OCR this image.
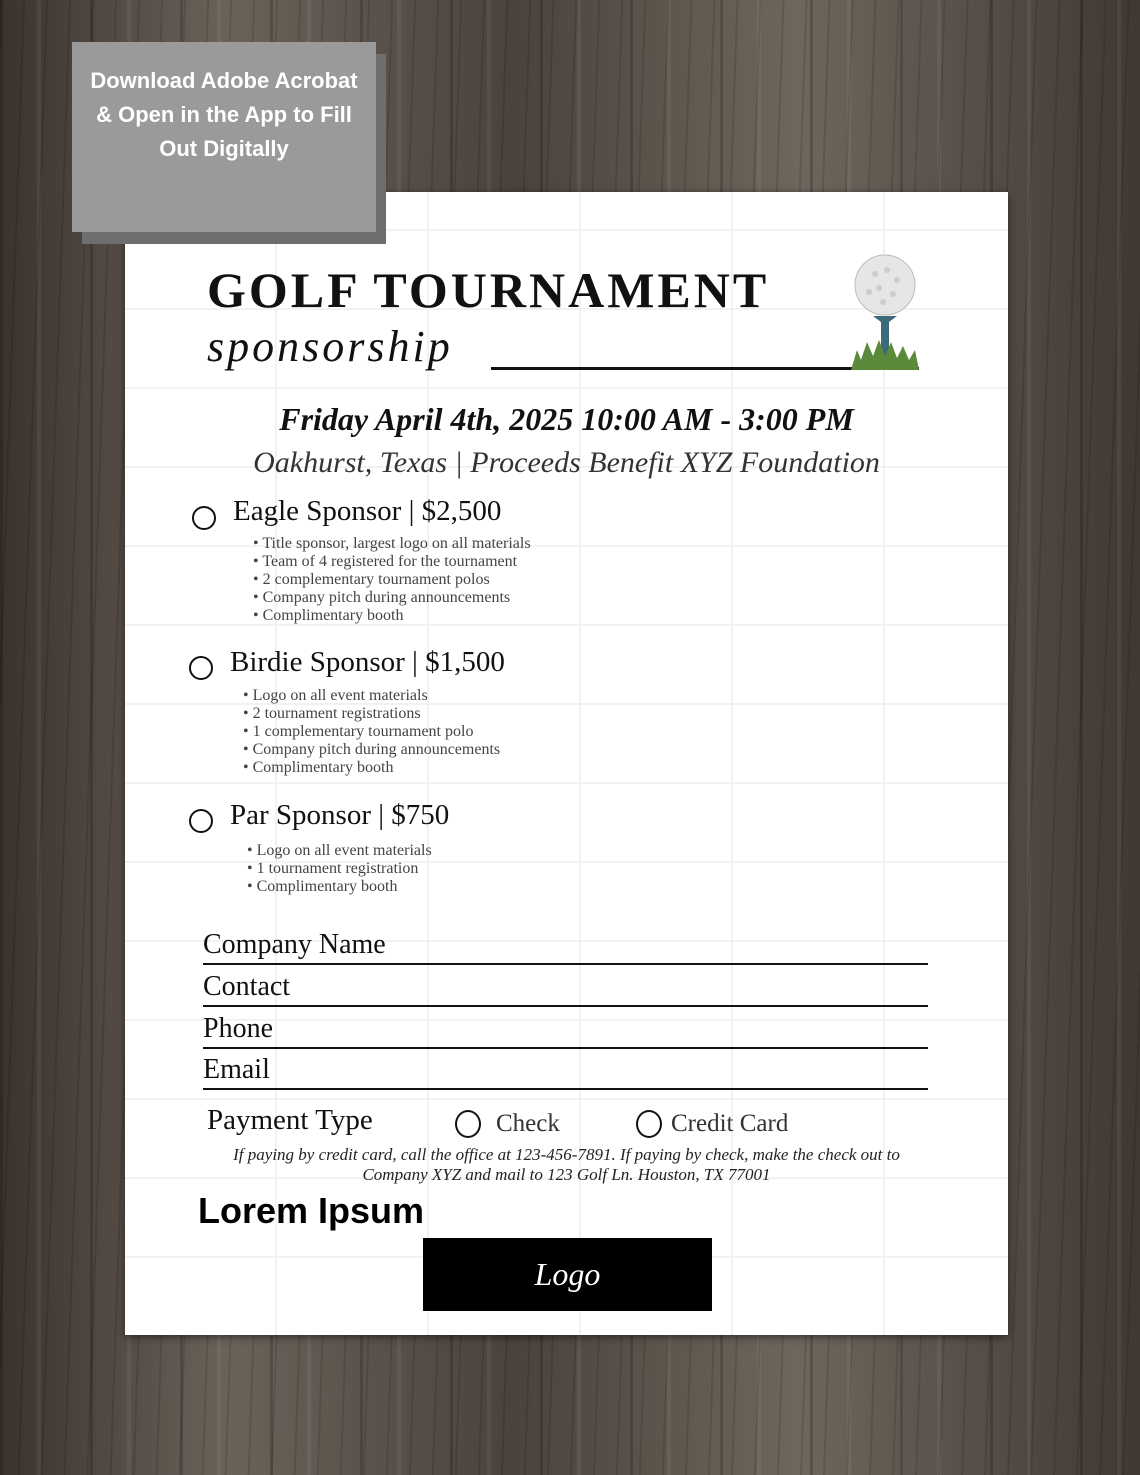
GOLF TOURNAMENT
sponsorship
Friday April 4th, 2025 10:00 AM - 3:00 PM
Oakhurst, Texas | Proceeds Benefit XYZ Foundation
Eagle Sponsor | $2,500
• Title sponsor, largest logo on all materials
• Team of 4 registered for the tournament
• 2 complementary tournament polos
• Company pitch during announcements
• Complimentary booth
Birdie Sponsor | $1,500
• Logo on all event materials
• 2 tournament registrations
• 1 complementary tournament polo
• Company pitch during announcements
• Complimentary booth
Par Sponsor | $750
• Logo on all event materials
• 1 tournament registration
• Complimentary booth
Company Name
Contact
Phone
Email
Payment Type	Check	Credit Card
If paying by credit card, call the office at 123-456-7891. If paying by check, make the check out to Company XYZ and mail to 123 Golf Ln. Houston, TX 77001
Lorem Ipsum
Logo
Download Adobe Acrobat & Open in the App to Fill Out Digitally
